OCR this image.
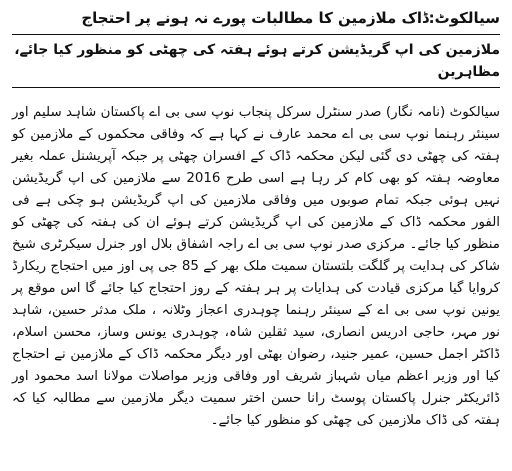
سیالکوٹ:ڈاک ملازمین کا مطالبات پورے نہ ہونے پر احتجاج
ملازمین کی اپ گریڈیشن کرتے ہوئے ہفتہ کی چھٹی کو منظور کیا جائے، مظاہرین

سیالکوٹ (نامہ نگار) صدر سنٹرل سرکل پنجاب نوپ سی بی اے پاکستان شاہد سلیم اور سینئر رہنما نوپ سی بی اے محمد عارف نے کہا ہے کہ وفاقی محکموں کے ملازمین کو ہفتہ کی چھٹی دی گئی لیکن محکمہ ڈاک کے افسران چھٹی پر جبکہ آپریشنل عملہ بغیر معاوضہ ہفتہ کو بھی کام کر رہا ہے اسی طرح 2016 سے ملازمین کی اپ گریڈیشن نہیں ہوئی جبکہ تمام صوبوں میں وفاقی ملازمین کی اپ گریڈیشن ہو چکی ہے فی الفور محکمہ ڈاک کے ملازمین کی اپ گریڈیشن کرتے ہوئے ان کی ہفتہ کی چھٹی کو منظور کیا جائے۔ مرکزی صدر نوپ سی بی اے راجہ اشفاق بلال اور جنرل سیکرٹری شیخ شاکر کی ہدایت پر گلگت بلتستان سمیت ملک بھر کے 85 جی پی اوز میں احتجاج ریکارڈ کروایا گیا مرکزی قیادت کی ہدایات پر ہر ہفتہ کے روز احتجاج کیا جائے گا اس موقع پر یونین نوپ سی بی اے کے سینئر رہنما چوہدری اعجاز وٹلانہ ، ملک مدثر حسین، شاہد نور مہر، حاجی ادریس انصاری، سید ثقلین شاہ، چوہدری یونس وساز، محسن اسلام، ڈاکٹر اجمل حسین، عمیر جنید، رضوان بھٹی اور دیگر محکمہ ڈاک کے ملازمین نے احتجاج کیا اور وزیر اعظم میاں شہباز شریف اور وفاقی وزیر مواصلات مولانا اسد محمود اور ڈائریکٹر جنرل پاکستان پوسٹ رانا حسن اختر سمیت دیگر ملازمین سے مطالبہ کیا کہ ہفتہ کی ڈاک ملازمین کی چھٹی کو منظور کیا جائے۔
